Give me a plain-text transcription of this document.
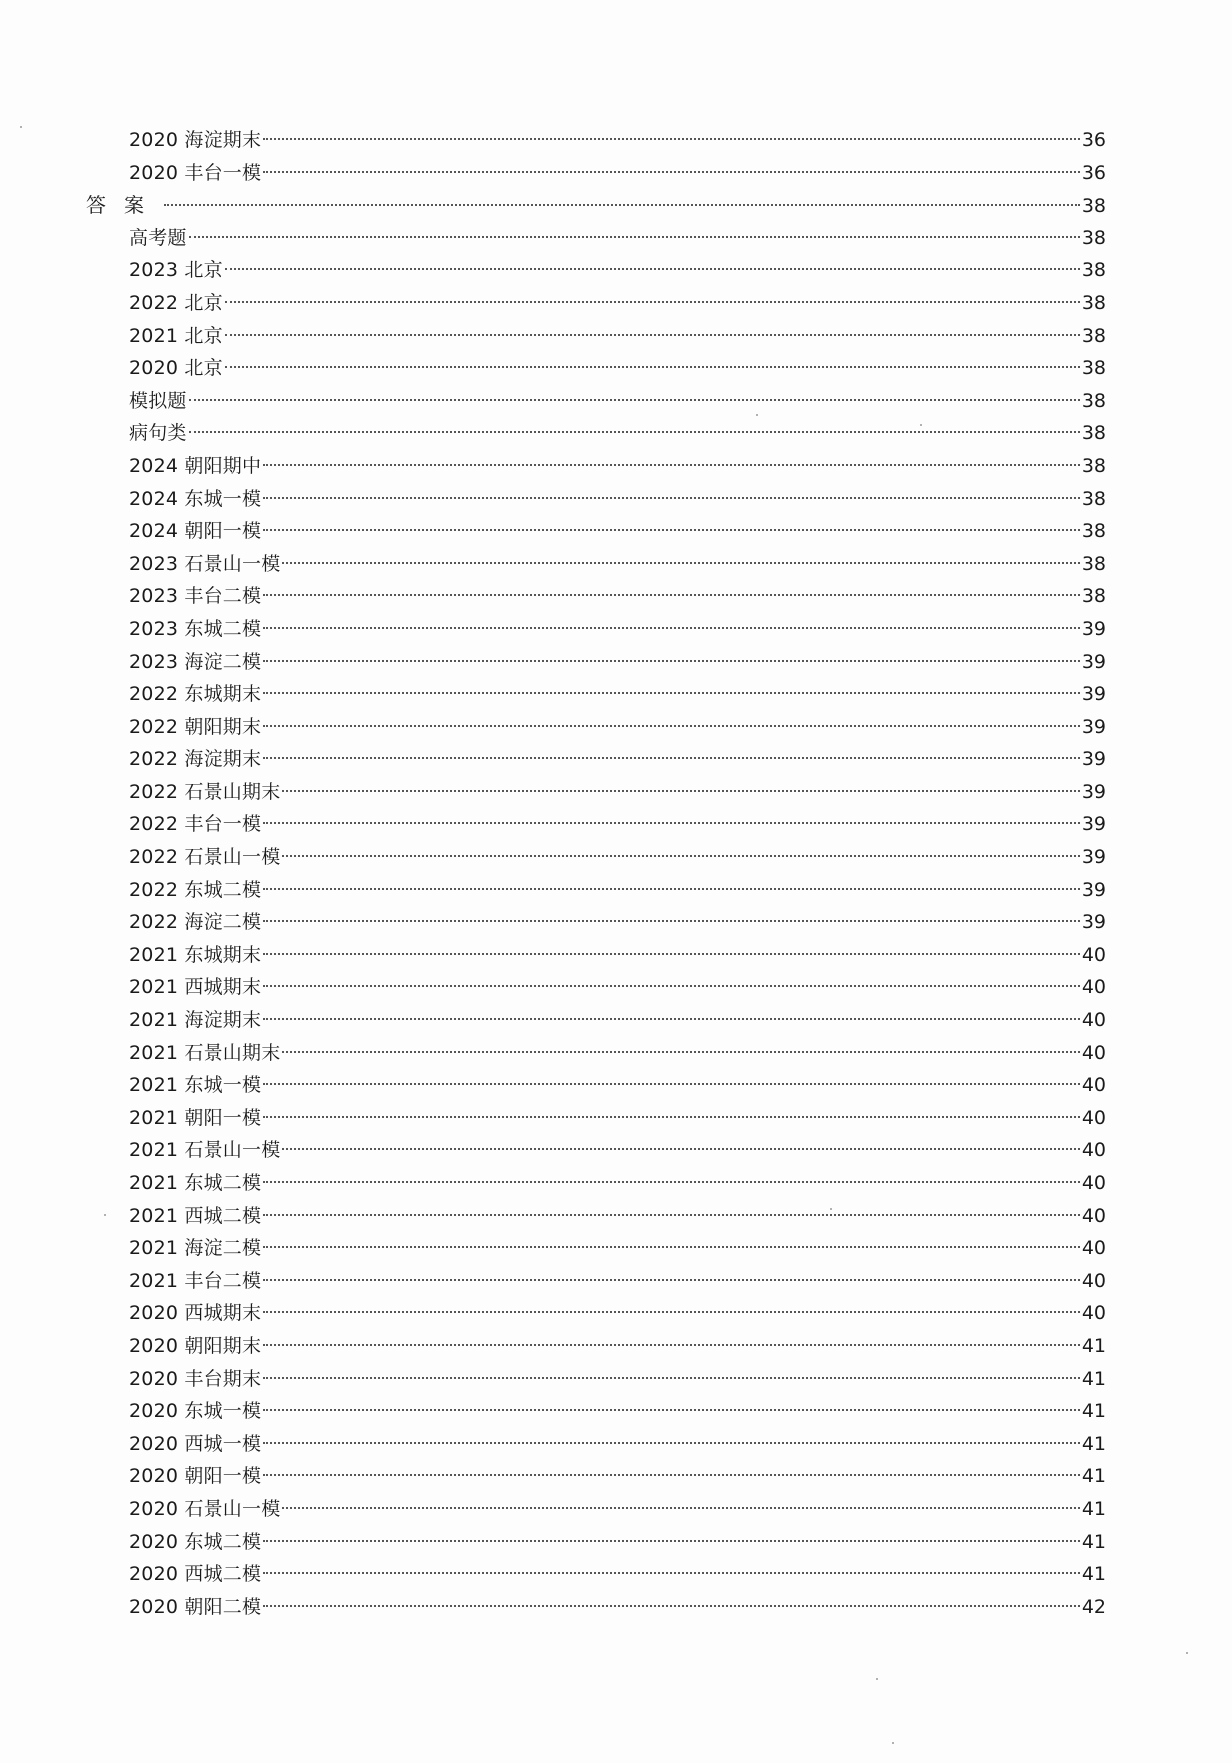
2020 海淀期末	36
2020 丰台一模	36
答案	38
高考题	38
2023 北京	38
2022 北京	38
2021 北京	38
2020 北京	38
模拟题	38
病句类	38
2024 朝阳期中	38
2024 东城一模	38
2024 朝阳一模	38
2023 石景山一模	38
2023 丰台二模	38
2023 东城二模	39
2023 海淀二模	39
2022 东城期末	39
2022 朝阳期末	39
2022 海淀期末	39
2022 石景山期末	39
2022 丰台一模	39
2022 石景山一模	39
2022 东城二模	39
2022 海淀二模	39
2021 东城期末	40
2021 西城期末	40
2021 海淀期末	40
2021 石景山期末	40
2021 东城一模	40
2021 朝阳一模	40
2021 石景山一模	40
2021 东城二模	40
2021 西城二模	40
2021 海淀二模	40
2021 丰台二模	40
2020 西城期末	40
2020 朝阳期末	41
2020 丰台期末	41
2020 东城一模	41
2020 西城一模	41
2020 朝阳一模	41
2020 石景山一模	41
2020 东城二模	41
2020 西城二模	41
2020 朝阳二模	42
